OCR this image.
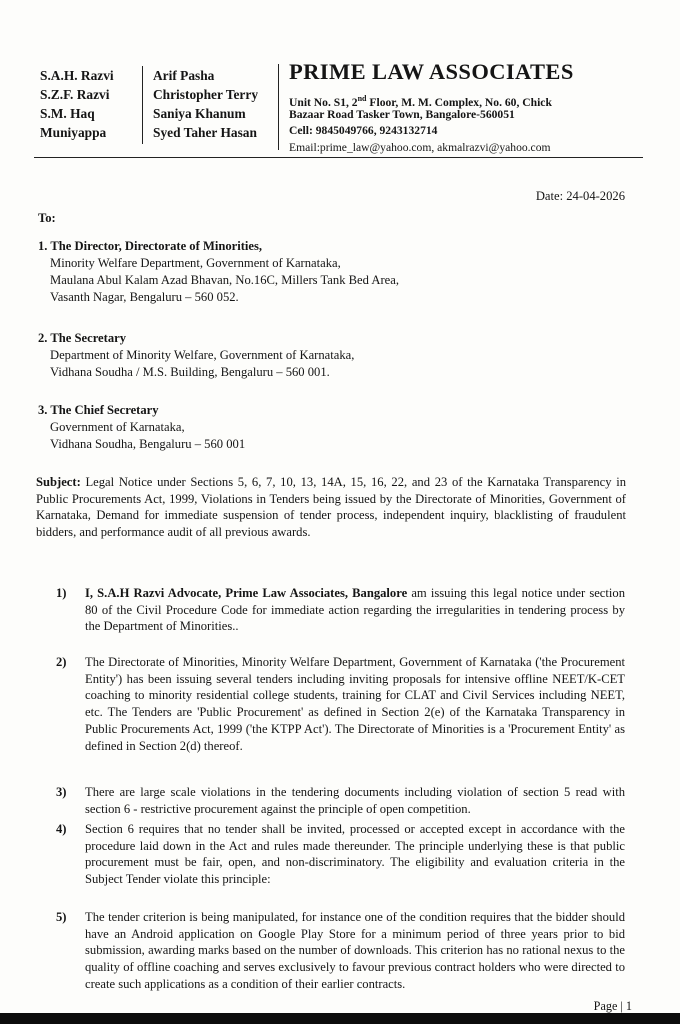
S.A.H. Razvi
S.Z.F. Razvi
S.M. Haq
Muniyappa
Arif Pasha
Christopher Terry
Saniya Khanum
Syed Taher Hasan
PRIME LAW ASSOCIATES
Unit No. S1, 2nd Floor, M. M. Complex, No. 60, Chick
Bazaar Road Tasker Town, Bangalore-560051
Cell: 9845049766, 9243132714
Email:prime_law@yahoo.com, akmalrazvi@yahoo.com
Date: 24-04-2026
To:
1. The Director, Directorate of Minorities,
Minority Welfare Department, Government of Karnataka,
Maulana Abul Kalam Azad Bhavan, No.16C, Millers Tank Bed Area,
Vasanth Nagar, Bengaluru – 560 052.
2. The Secretary
Department of Minority Welfare, Government of Karnataka,
Vidhana Soudha / M.S. Building, Bengaluru – 560 001.
3. The Chief Secretary
Government of Karnataka,
Vidhana Soudha, Bengaluru – 560 001
Subject: Legal Notice under Sections 5, 6, 7, 10, 13, 14A, 15, 16, 22, and 23 of the Karnataka Transparency in Public Procurements Act, 1999, Violations in Tenders being issued by the Directorate of Minorities, Government of Karnataka, Demand for immediate suspension of tender process, independent inquiry, blacklisting of fraudulent bidders, and performance audit of all previous awards.
1) I, S.A.H Razvi Advocate, Prime Law Associates, Bangalore am issuing this legal notice under section 80 of the Civil Procedure Code for immediate action regarding the irregularities in tendering process by the Department of Minorities..
2) The Directorate of Minorities, Minority Welfare Department, Government of Karnataka ('the Procurement Entity') has been issuing several tenders including inviting proposals for intensive offline NEET/K-CET coaching to minority residential college students, training for CLAT and Civil Services including NEET, etc. The Tenders are 'Public Procurement' as defined in Section 2(e) of the Karnataka Transparency in Public Procurements Act, 1999 ('the KTPP Act'). The Directorate of Minorities is a 'Procurement Entity' as defined in Section 2(d) thereof.
3) There are large scale violations in the tendering documents including violation of section 5 read with section 6 - restrictive procurement against the principle of open competition.
4) Section 6 requires that no tender shall be invited, processed or accepted except in accordance with the procedure laid down in the Act and rules made thereunder. The principle underlying these is that public procurement must be fair, open, and non-discriminatory. The eligibility and evaluation criteria in the Subject Tender violate this principle:
5) The tender criterion is being manipulated, for instance one of the condition requires that the bidder should have an Android application on Google Play Store for a minimum period of three years prior to bid submission, awarding marks based on the number of downloads. This criterion has no rational nexus to the quality of offline coaching and serves exclusively to favour previous contract holders who were directed to create such applications as a condition of their earlier contracts.
Page | 1
